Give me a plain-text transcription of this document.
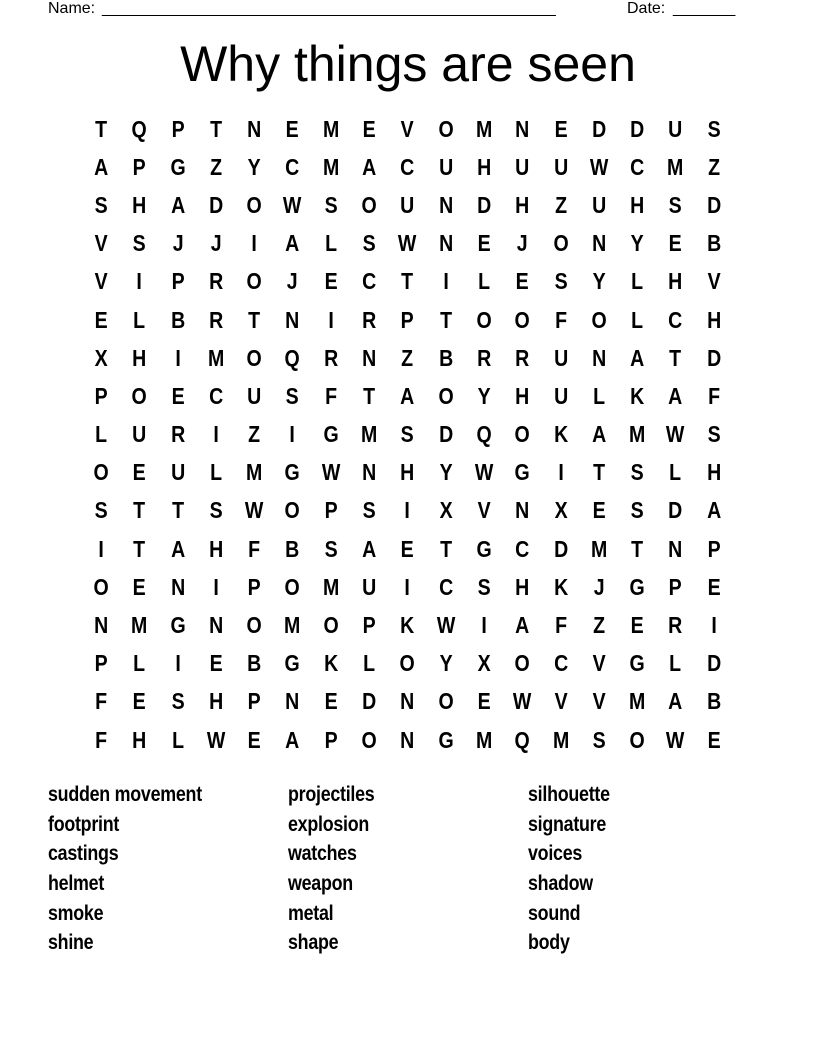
Name: ___________________________________________________	Date: _______
Why things are seen
T	Q	P	T	N	E	M	E	V	O M	N	E	D	D	U	S
A	P	G	Z	Y	C	M	A	C	U	H	U	U W C	M	Z
S	H	A	D	O W S	O	U	N	D	H	Z	U	H	S	D
V	S	J	J	I	A	L	S W N	E	J	O	N	Y	E	B
V	I	P	R	O	J	E	C	T	I	L	E	S	Y	L	H	V
E	L	B	R	T	N	I	R	P	T	O	O	F	O	L	C	H
X	H	I	M O	Q	R	N	Z	B	R	R	U	N	A	T	D
P	O	E	C	U	S	F	T	A	O	Y	H	U	L	K	A	F
L	U	R	I	Z	I	G M	S	D	Q	O	K	A	M W S
O	E	U	L	M G W N	H	Y W G	I	T	S	L	H
S	T	T	S W O	P	S	I	X	V	N	X	E	S	D	A
I	T	A	H	F	B	S	A	E	T	G	C	D	M	T	N	P
O	E	N	I	P	O M	U	I	C	S	H	K	J	G	P	E
N	M G	N	O M O	P	K W	I	A	F	Z	E	R	I
P	L	I	E	B	G	K	L	O	Y	X	O	C	V	G	L	D
F	E	S	H	P	N	E	D	N	O	E W V	V	M	A	B
F	H	L	W E	A	P	O	N	G M Q M	S	O W E
sudden movement
footprint
castings
helmet
smoke
shine
projectiles
explosion
watches
weapon
metal
shape
silhouette
signature
voices
shadow
sound
body
